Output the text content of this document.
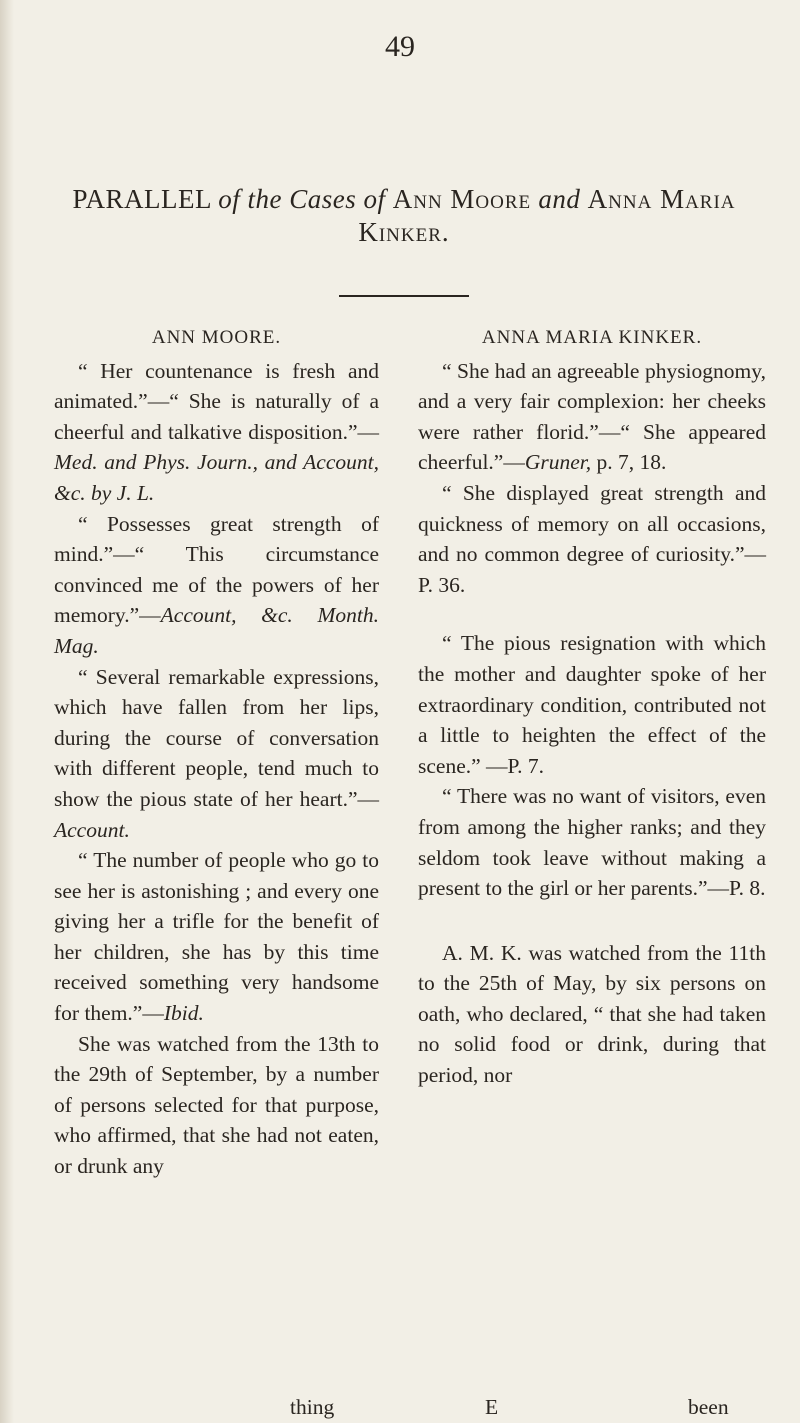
49
PARALLEL of the Cases of Ann Moore and Anna Maria Kinker.
ANN MOORE.

“ Her countenance is fresh and animated.”—“ She is naturally of a cheerful and talkative disposition.”—Med. and Phys. Journ., and Account, &c. by J. L.

“ Possesses great strength of mind.”—“ This circumstance convinced me of the powers of her memory.”—Account, &c. Month. Mag.

“ Several remarkable expressions, which have fallen from her lips, during the course of conversation with different people, tend much to show the pious state of her heart.”—Account.

“ The number of people who go to see her is astonishing ; and every one giving her a trifle for the benefit of her children, she has by this time received something very handsome for them.”—Ibid.

She was watched from the 13th to the 29th of September, by a number of persons selected for that purpose, who affirmed, that she had not eaten, or drunk any

ANNA MARIA KINKER.

“ She had an agreeable physiognomy, and a very fair complexion: her cheeks were rather florid.”—“ She appeared cheerful.”—Gruner, p. 7, 18.

“ She displayed great strength and quickness of memory on all occasions, and no common degree of curiosity.”—P. 36.

“ The pious resignation with which the mother and daughter spoke of her extraordinary condition, contributed not a little to heighten the effect of the scene.” —P. 7.

“ There was no want of visitors, even from among the higher ranks; and they seldom took leave without making a present to the girl or her parents.”—P. 8.

A. M. K. was watched from the 11th to the 25th of May, by six persons on oath, who declared, “ that she had taken no solid food or drink, during that period, nor

thing	E	been
